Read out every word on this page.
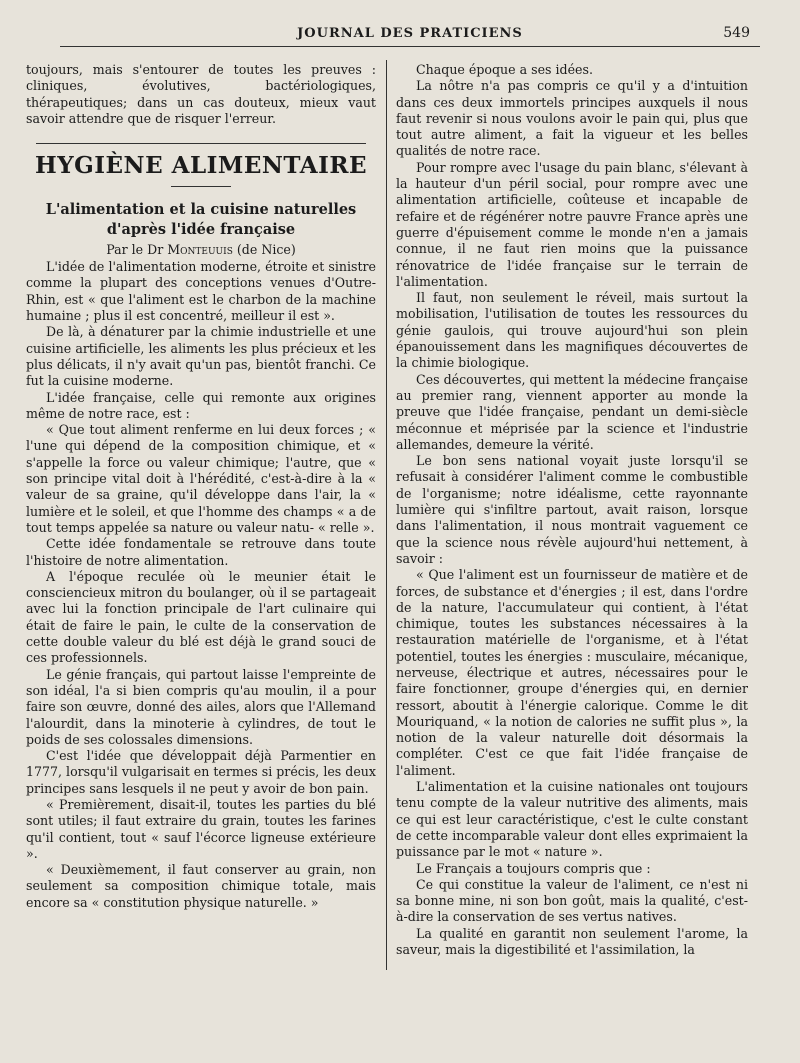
JOURNAL DES PRATICIENS	549

toujours, mais s'entourer de toutes les preuves : cliniques, évolutives, bactériologiques, thérapeutiques; dans un cas douteux, mieux vaut savoir attendre que de risquer l'erreur.

HYGIÈNE ALIMENTAIRE
L'alimentation et la cuisine naturelles
d'après l'idée française
Par le Dr Monteuuis (de Nice)

L'idée de l'alimentation moderne, étroite et sinistre comme la plupart des conceptions venues d'Outre-Rhin, est « que l'aliment est le charbon de la machine humaine ; plus il est concentré, meilleur il est ».

De là, à dénaturer par la chimie industrielle et une cuisine artificielle, les aliments les plus précieux et les plus délicats, il n'y avait qu'un pas, bientôt franchi. Ce fut la cuisine moderne.

L'idée française, celle qui remonte aux origines même de notre race, est :

« Que tout aliment renferme en lui deux forces ; « l'une qui dépend de la composition chimique, et « s'appelle la force ou valeur chimique; l'autre, que « son principe vital doit à l'hérédité, c'est-à-dire à la « valeur de sa graine, qu'il développe dans l'air, la « lumière et le soleil, et que l'homme des champs « a de tout temps appelée sa nature ou valeur natu- « relle ».

Cette idée fondamentale se retrouve dans toute l'histoire de notre alimentation.

A l'époque reculée où le meunier était le consciencieux mitron du boulanger, où il se partageait avec lui la fonction principale de l'art culinaire qui était de faire le pain, le culte de la conservation de cette double valeur du blé est déjà le grand souci de ces professionnels.

Le génie français, qui partout laisse l'empreinte de son idéal, l'a si bien compris qu'au moulin, il a pour faire son œuvre, donné des ailes, alors que l'Allemand l'alourdit, dans la minoterie à cylindres, de tout le poids de ses colossales dimensions.

C'est l'idée que développait déjà Parmentier en 1777, lorsqu'il vulgarisait en termes si précis, les deux principes sans lesquels il ne peut y avoir de bon pain.

« Premièrement, disait-il, toutes les parties du blé sont utiles; il faut extraire du grain, toutes les farines qu'il contient, tout « sauf l'écorce ligneuse extérieure ».

« Deuxièmement, il faut conserver au grain, non seulement sa composition chimique totale, mais encore sa « constitution physique naturelle. »

Chaque époque a ses idées.

La nôtre n'a pas compris ce qu'il y a d'intuition dans ces deux immortels principes auxquels il nous faut revenir si nous voulons avoir le pain qui, plus que tout autre aliment, a fait la vigueur et les belles qualités de notre race.

Pour rompre avec l'usage du pain blanc, s'élevant à la hauteur d'un péril social, pour rompre avec une alimentation artificielle, coûteuse et incapable de refaire et de régénérer notre pauvre France après une guerre d'épuisement comme le monde n'en a jamais connue, il ne faut rien moins que la puissance rénovatrice de l'idée française sur le terrain de l'alimentation.

Il faut, non seulement le réveil, mais surtout la mobilisation, l'utilisation de toutes les ressources du génie gaulois, qui trouve aujourd'hui son plein épanouissement dans les magnifiques découvertes de la chimie biologique.

Ces découvertes, qui mettent la médecine française au premier rang, viennent apporter au monde la preuve que l'idée française, pendant un demi-siècle méconnue et méprisée par la science et l'industrie allemandes, demeure la vérité.

Le bon sens national voyait juste lorsqu'il se refusait à considérer l'aliment comme le combustible de l'organisme; notre idéalisme, cette rayonnante lumière qui s'infiltre partout, avait raison, lorsque dans l'alimentation, il nous montrait vaguement ce que la science nous révèle aujourd'hui nettement, à savoir :

« Que l'aliment est un fournisseur de matière et de forces, de substance et d'énergies ; il est, dans l'ordre de la nature, l'accumulateur qui contient, à l'état chimique, toutes les substances nécessaires à la restauration matérielle de l'organisme, et à l'état potentiel, toutes les énergies : musculaire, mécanique, nerveuse, électrique et autres, nécessaires pour le faire fonctionner, groupe d'énergies qui, en dernier ressort, aboutit à l'énergie calorique. Comme le dit Mouriquand, « la notion de calories ne suffit plus », la notion de la valeur naturelle doit désormais la compléter. C'est ce que fait l'idée française de l'aliment.

L'alimentation et la cuisine nationales ont toujours tenu compte de la valeur nutritive des aliments, mais ce qui est leur caractéristique, c'est le culte constant de cette incomparable valeur dont elles exprimaient la puissance par le mot « nature ».

Le Français a toujours compris que :

Ce qui constitue la valeur de l'aliment, ce n'est ni sa bonne mine, ni son bon goût, mais la qualité, c'est-à-dire la conservation de ses vertus natives.

La qualité en garantit non seulement l'arome, la saveur, mais la digestibilité et l'assimilation, la
